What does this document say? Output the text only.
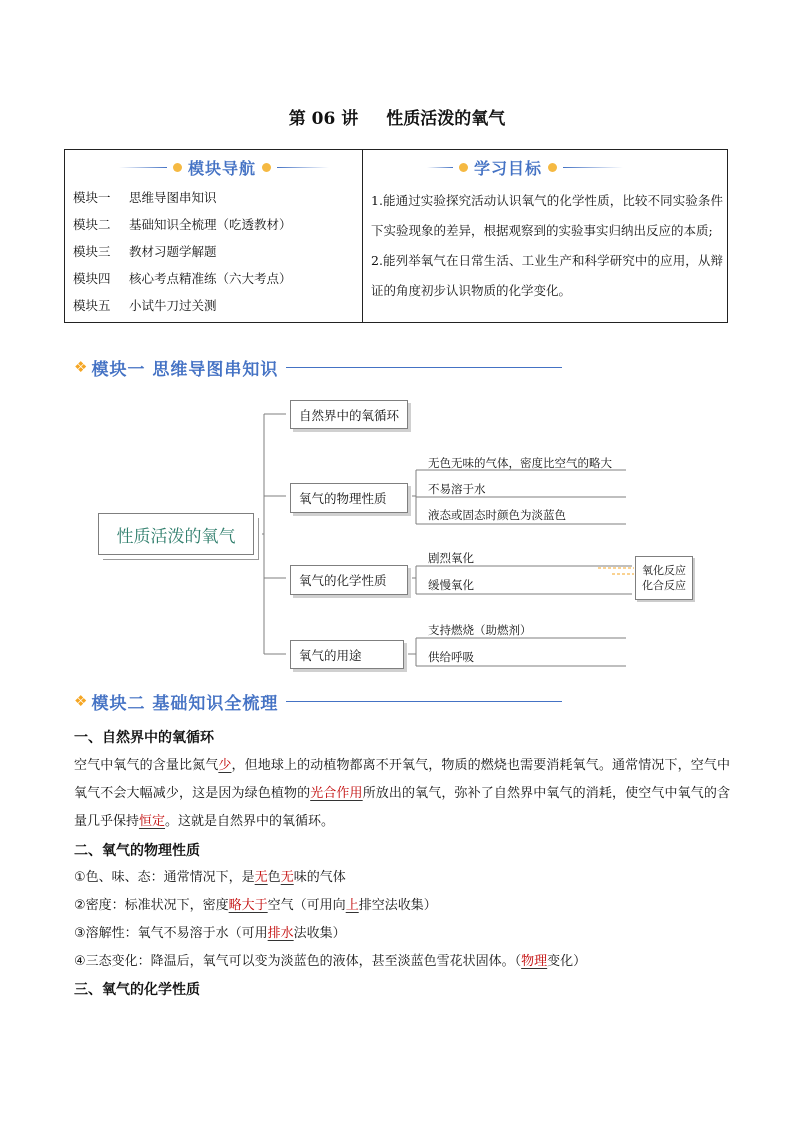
第 06 讲 性质活泼的氧气
模块导航
模块一 思维导图串知识
模块二 基础知识全梳理（吃透教材）
模块三 教材习题学解题
模块四 核心考点精准练（六大考点）
模块五 小试牛刀过关测
学习目标

1.能通过实验探究活动认识氧气的化学性质，比较不同实验条件下实验现象的差异，根据观察到的实验事实归纳出反应的本质;

2.能列举氧气在日常生活、工业生产和科学研究中的应用，从辩证的角度初步认识物质的化学变化。

❖ 模块一 思维导图串知识
性质活泼的氧气
自然界中的氧循环
氧气的物理性质
氧气的化学性质
氧气的用途
无色无味的气体，密度比空气的略大
不易溶于水
液态或固态时颜色为淡蓝色
剧烈氧化
缓慢氧化
支持燃烧（助燃剂）
供给呼吸
氧化反应
化合反应
❖ 模块二 基础知识全梳理
一、自然界中的氧循环

空气中氧气的含量比氮气少，但地球上的动植物都离不开氧气，物质的燃烧也需要消耗氧气。通常情况下，空气中氧气不会大幅减少，这是因为绿色植物的光合作用所放出的氧气，弥补了自然界中氧气的消耗，使空气中氧气的含量几乎保持恒定。这就是自然界中的氧循环。

二、氧气的物理性质

①色、味、态：通常情况下，是无色无味的气体

②密度：标准状况下，密度略大于空气（可用向上排空法收集）

③溶解性：氧气不易溶于水（可用排水法收集）

④三态变化：降温后，氧气可以变为淡蓝色的液体，甚至淡蓝色雪花状固体。（物理变化）

三、氧气的化学性质
